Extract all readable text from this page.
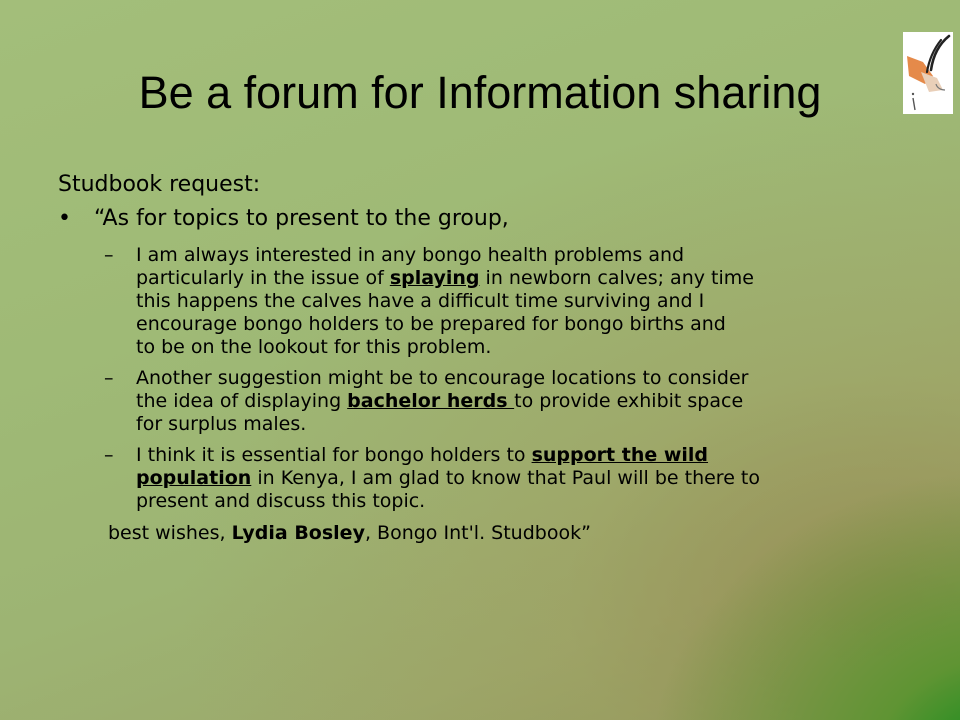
Be a forum for Information sharing

Studbook request:

• “As for topics to present to the group,
– I am always interested in any bongo health problems and
particularly in the issue of splaying in newborn calves; any time
this happens the calves have a difficult time surviving and I
encourage bongo holders to be prepared for bongo births and
to be on the lookout for this problem.
– Another suggestion might be to encourage locations to consider
the idea of displaying bachelor herds to provide exhibit space
for surplus males.
– I think it is essential for bongo holders to support the wild
population in Kenya, I am glad to know that Paul will be there to
present and discuss this topic.
best wishes, Lydia Bosley, Bongo Int'l. Studbook”
